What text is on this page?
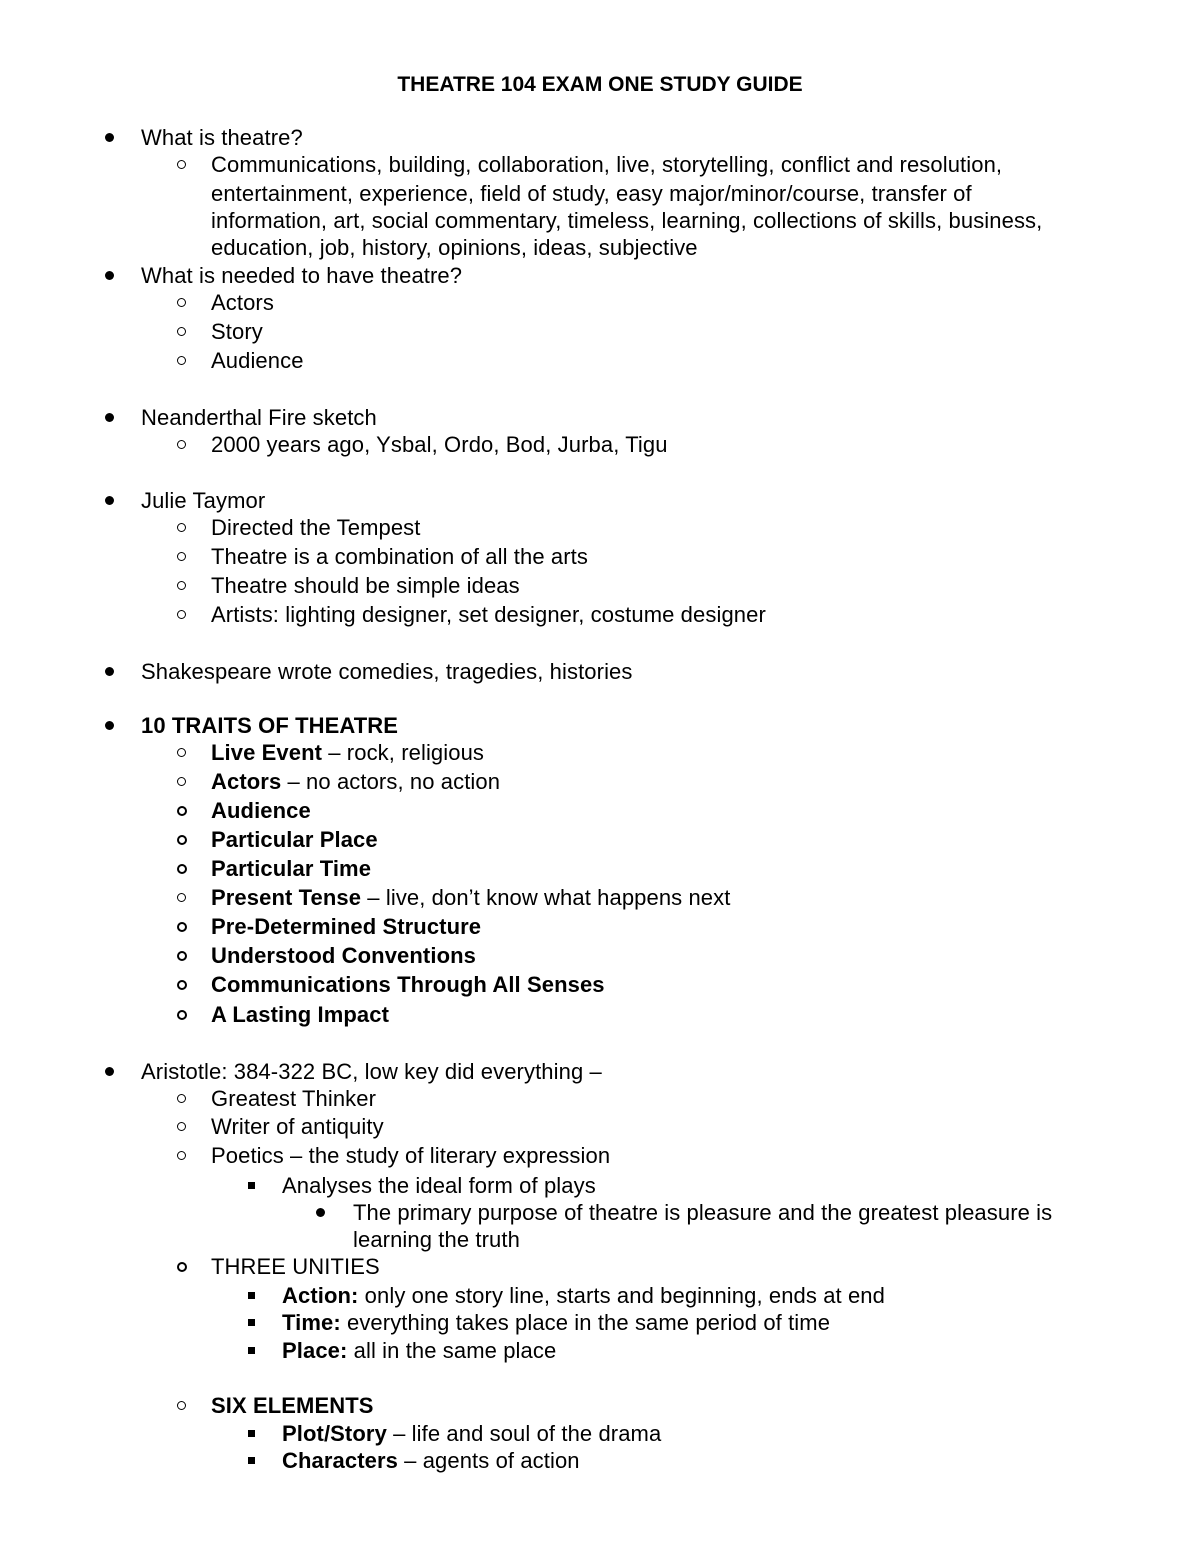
THEATRE 104 EXAM ONE STUDY GUIDE
What is theatre?
Communications, building, collaboration, live, storytelling, conflict and resolution,
entertainment, experience, field of study, easy major/minor/course, transfer of
information, art, social commentary, timeless, learning, collections of skills, business,
education, job, history, opinions, ideas, subjective
What is needed to have theatre?
Actors
Story
Audience
Neanderthal Fire sketch
2000 years ago, Ysbal, Ordo, Bod, Jurba, Tigu
Julie Taymor
Directed the Tempest
Theatre is a combination of all the arts
Theatre should be simple ideas
Artists: lighting designer, set designer, costume designer
Shakespeare wrote comedies, tragedies, histories
10 TRAITS OF THEATRE
Live Event – rock, religious
Actors – no actors, no action
Audience
Particular Place
Particular Time
Present Tense – live, don’t know what happens next
Pre-Determined Structure
Understood Conventions
Communications Through All Senses
A Lasting Impact
Aristotle: 384-322 BC, low key did everything –
Greatest Thinker
Writer of antiquity
Poetics – the study of literary expression
Analyses the ideal form of plays
The primary purpose of theatre is pleasure and the greatest pleasure is
learning the truth
THREE UNITIES
Action: only one story line, starts and beginning, ends at end
Time: everything takes place in the same period of time
Place: all in the same place
SIX ELEMENTS
Plot/Story – life and soul of the drama
Characters – agents of action
